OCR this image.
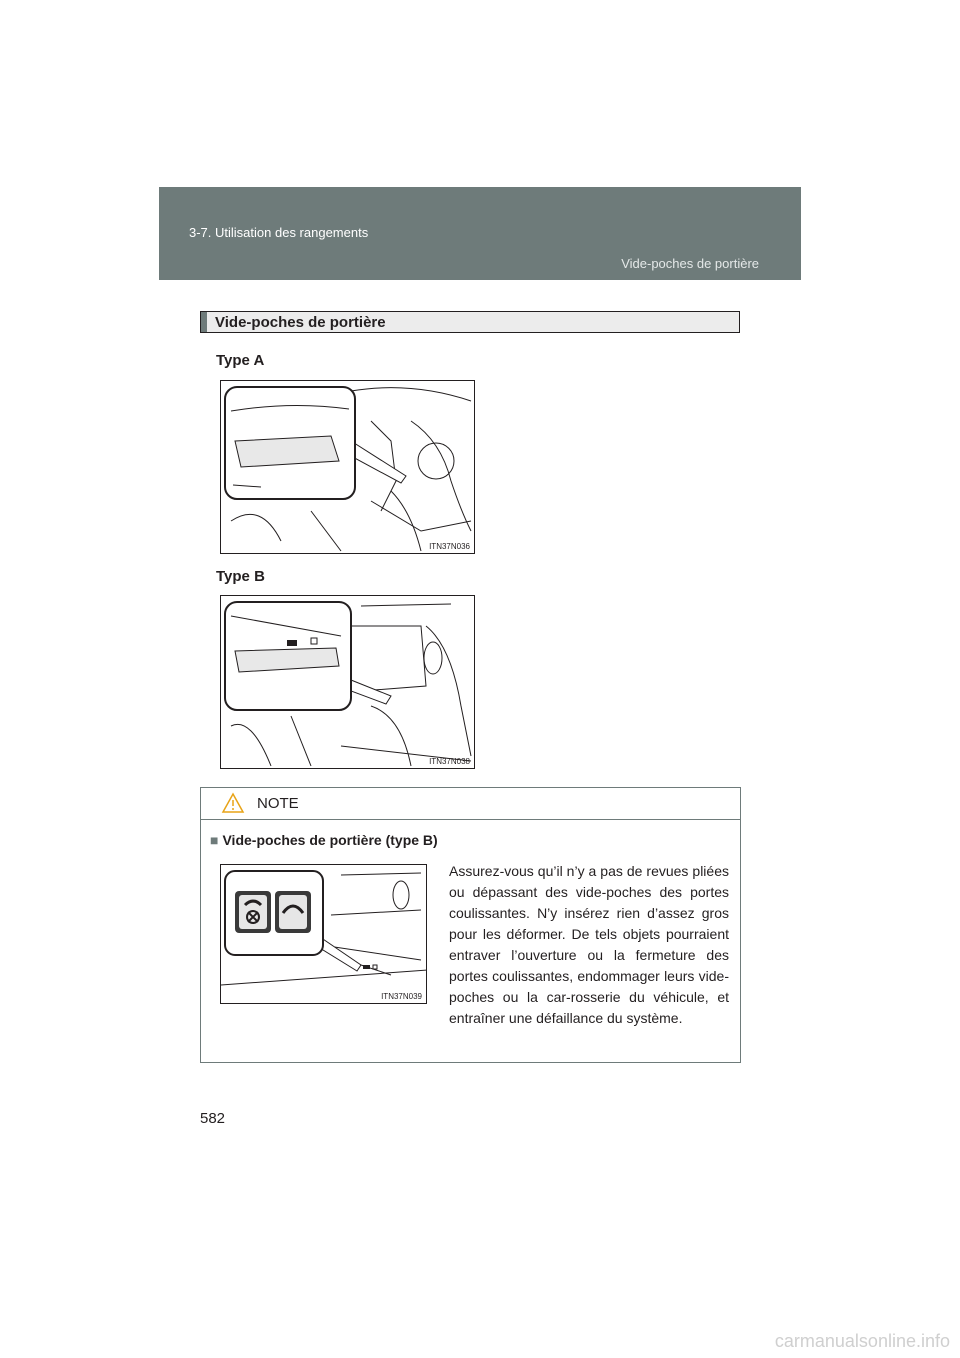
3-7. Utilisation des rangements
Vide-poches de portière
Vide-poches de portière
Type A
ITN37N036
Type B
ITN37N038
NOTE
■ Vide-poches de portière (type B)
ITN37N039
Assurez-vous qu’il n’y a pas de revues pliées ou dépassant des vide-poches des portes coulissantes. N’y insérez rien d’assez gros pour les déformer. De tels objets pourraient entraver l’ouverture ou la fermeture des portes coulissantes, endommager leurs vide-poches ou la car-rosserie du véhicule, et entraîner une défaillance du système.
582
carmanualsonline.info
